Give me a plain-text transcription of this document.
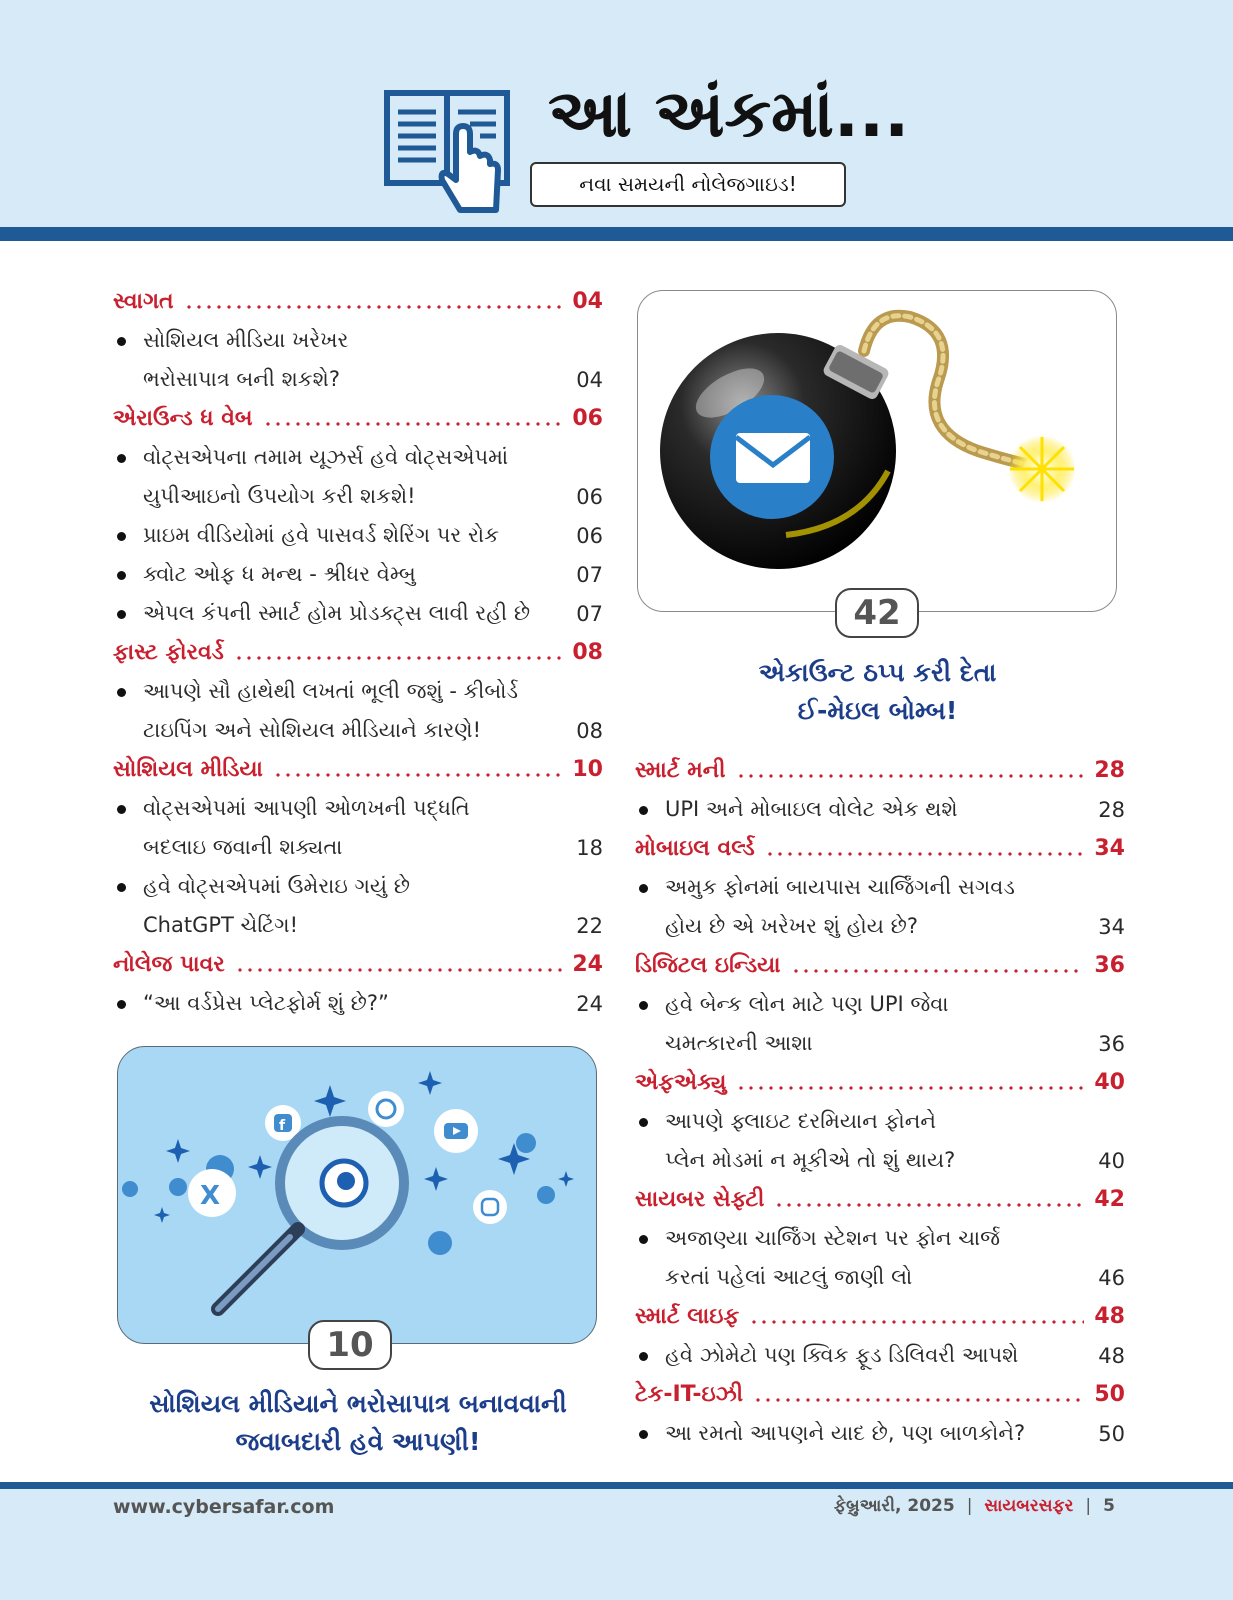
આ અંકમાં...
નવા સમયની નોલેજગાઇડ!
સ્વાગત	04
સોશિયલ મીડિયા ખરેખર
ભરોસાપાત્ર બની શકશે?	04
એરાઉન્ડ ધ વેબ	06
વોટ્સએપના તમામ યૂઝર્સ હવે વોટ્સએપમાં
યુપીઆઇનો ઉપયોગ કરી શકશે!	06
પ્રાઇમ વીડિયોમાં હવે પાસવર્ડ શેરિંગ પર રોક	06
ક્વોટ ઓફ ધ મન્થ - શ્રીધર વેમ્બુ	07
એપલ કંપની સ્માર્ટ હોમ પ્રોડક્ટ્સ લાવી રહી છે	07
ફાસ્ટ ફોરવર્ડ	08
આપણે સૌ હાથેથી લખતાં ભૂલી જશું - કીબોર્ડ
ટાઇપિંગ અને સોશિયલ મીડિયાને કારણે!	08
સોશિયલ મીડિયા	10
વોટ્સએપમાં આપણી ઓળખની પદ્ધતિ
બદલાઇ જવાની શક્યતા	18
હવે વોટ્સએપમાં ઉમેરાઇ ગયું છે
ChatGPT ચેટિંગ!	22
નોલેજ પાવર	24
“આ વર્ડપ્રેસ પ્લેટફોર્મ શું છે?”	24
સ્માર્ટ મની	28
UPI અને મોબાઇલ વોલેટ એક થશે	28
મોબાઇલ વર્લ્ડ	34
અમુક ફોનમાં બાયપાસ ચાર્જિંગની સગવડ
હોય છે એ ખરેખર શું હોય છે?	34
ડિજિટલ ઇન્ડિયા	36
હવે બેન્ક લોન માટે પણ UPI જેવા
ચમત્કારની આશા	36
એફએક્યુ	40
આપણે ફ્લાઇટ દરમિયાન ફોનને
પ્લેન મોડમાં ન મૂકીએ તો શું થાય?	40
સાયબર સેફ્ટી	42
અજાણ્યા ચાર્જિંગ સ્ટેશન પર ફોન ચાર્જ
કરતાં પહેલાં આટલું જાણી લો	46
સ્માર્ટ લાઇફ	48
હવે ઝોમેટો પણ ક્વિક ફૂડ ડિલિવરી આપશે	48
ટેક-IT-ઇઝી	50
આ રમતો આપણને યાદ છે, પણ બાળકોને?	50
f
X
10
સોશિયલ મીડિયાને ભરોસાપાત્ર બનાવવાની
જવાબદારી હવે આપણી!
42
એકાઉન્ટ ઠપ્પ કરી દેતા
ઈ-મેઇલ બોમ્બ!
www.cybersafar.com	ફેબ્રુઆરી, 2025 | સાયબરસફર | 5
